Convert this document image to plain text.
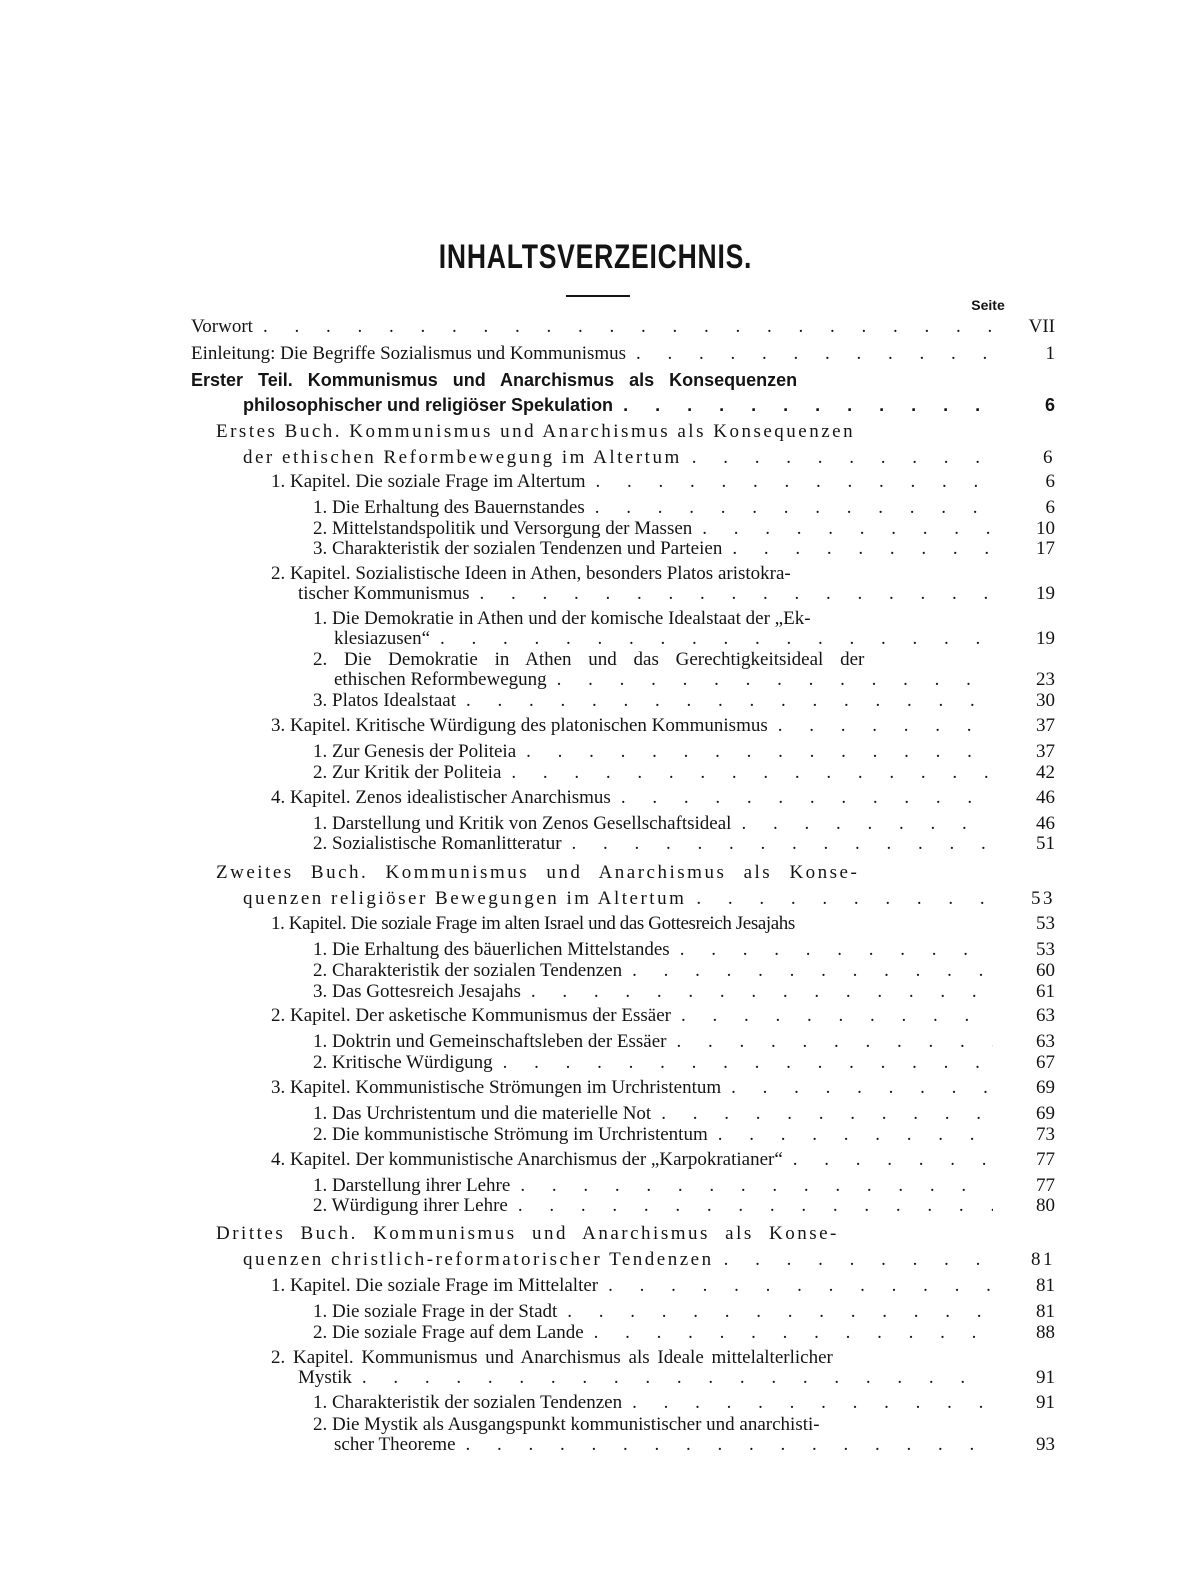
INHALTSVERZEICHNIS.
Seite
Vorwort . . .	VII
Einleitung: Die Begriffe Sozialismus und Kommunismus . . .	1
Erster Teil. Kommunismus und Anarchismus als Konsequenzen
philosophischer und religiöser Spekulation . . .	6
Erstes Buch. Kommunismus und Anarchismus als Konsequenzen
der ethischen Reformbewegung im Altertum . . .	6
1. Kapitel. Die soziale Frage im Altertum . . .	6
1. Die Erhaltung des Bauernstandes . . .	6
2. Mittelstandspolitik und Versorgung der Massen . . .	10
3. Charakteristik der sozialen Tendenzen und Parteien . . .	17
2. Kapitel. Sozialistische Ideen in Athen, besonders Platos aristokra-
tischer Kommunismus . . .	19
1. Die Demokratie in Athen und der komische Idealstaat der „Ek-
klesiazusen“ . . .	19
2. Die Demokratie in Athen und das Gerechtigkeitsideal der
ethischen Reformbewegung . . .	23
3. Platos Idealstaat . . .	30
3. Kapitel. Kritische Würdigung des platonischen Kommunismus . . .	37
1. Zur Genesis der Politeia . . .	37
2. Zur Kritik der Politeia . . .	42
4. Kapitel. Zenos idealistischer Anarchismus . . .	46
1. Darstellung und Kritik von Zenos Gesellschaftsideal . . .	46
2. Sozialistische Romanlitteratur . . .	51
Zweites Buch. Kommunismus und Anarchismus als Konse-
quenzen religiöser Bewegungen im Altertum . . .	53
1. Kapitel. Die soziale Frage im alten Israel und das Gottesreich Jesajahs	53
1. Die Erhaltung des bäuerlichen Mittelstandes . . .	53
2. Charakteristik der sozialen Tendenzen . . .	60
3. Das Gottesreich Jesajahs . . .	61
2. Kapitel. Der asketische Kommunismus der Essäer . . .	63
1. Doktrin und Gemeinschaftsleben der Essäer . . .	63
2. Kritische Würdigung . . .	67
3. Kapitel. Kommunistische Strömungen im Urchristentum . . .	69
1. Das Urchristentum und die materielle Not . . .	69
2. Die kommunistische Strömung im Urchristentum . . .	73
4. Kapitel. Der kommunistische Anarchismus der „Karpokratianer“ . . .	77
1. Darstellung ihrer Lehre . . .	77
2. Würdigung ihrer Lehre . . .	80
Drittes Buch. Kommunismus und Anarchismus als Konse-
quenzen christlich-reformatorischer Tendenzen . . .	81
1. Kapitel. Die soziale Frage im Mittelalter . . .	81
1. Die soziale Frage in der Stadt . . .	81
2. Die soziale Frage auf dem Lande . . .	88
2. Kapitel. Kommunismus und Anarchismus als Ideale mittelalterlicher
Mystik . . .	91
1. Charakteristik der sozialen Tendenzen . . .	91
2. Die Mystik als Ausgangspunkt kommunistischer und anarchisti-
scher Theoreme . . .	93
